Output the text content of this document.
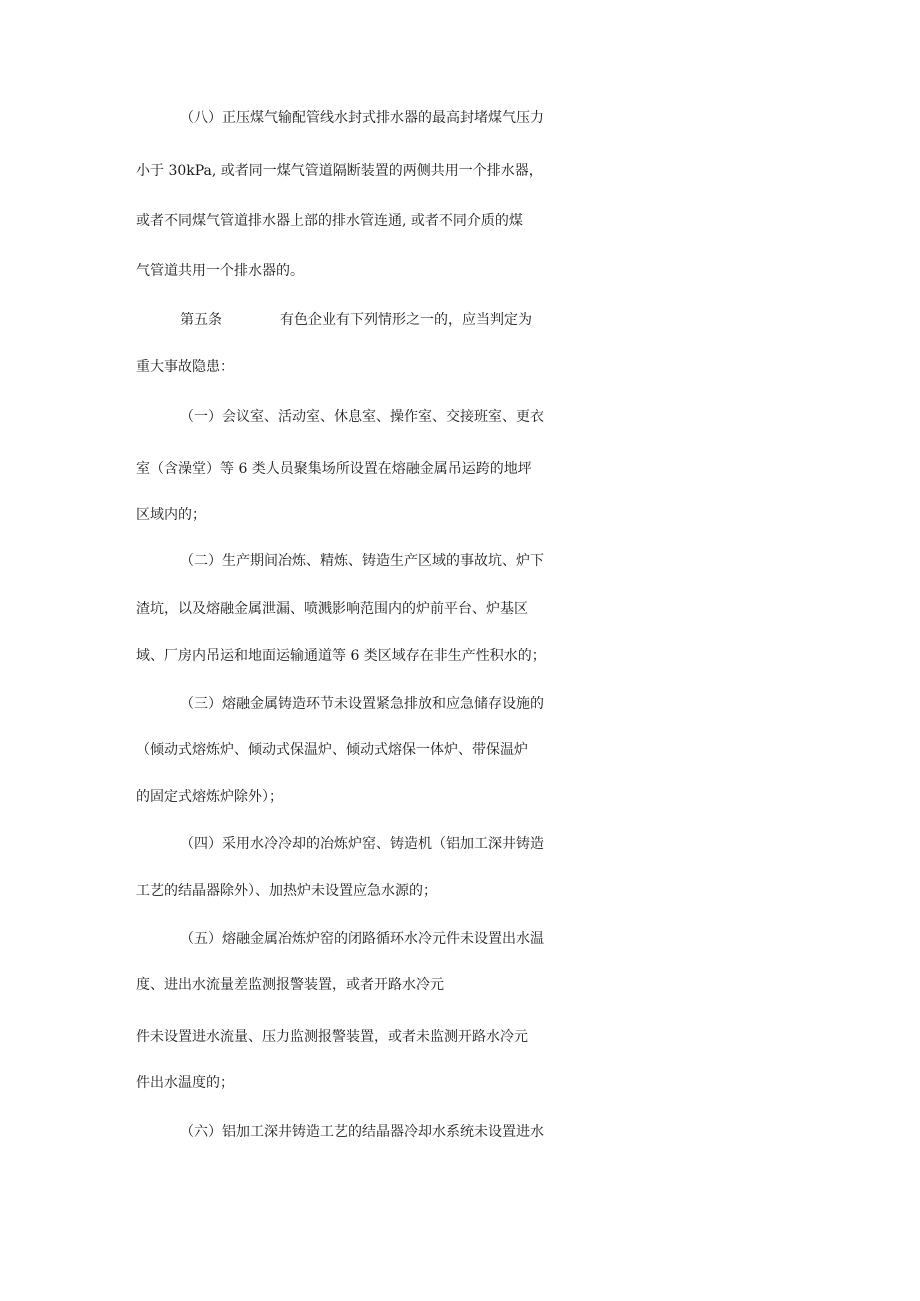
（八）正压煤气输配管线水封式排水器的最高封堵煤气压力
小于 30kPa, 或者同一煤气管道隔断装置的两侧共用一个排水器，
或者不同煤气管道排水器上部的排水管连通, 或者不同介质的煤
气管道共用一个排水器的。
第五条	有色企业有下列情形之一的，应当判定为
重大事故隐患：
（一）会议室、活动室、休息室、操作室、交接班室、更衣
室（含澡堂）等 6 类人员聚集场所设置在熔融金属吊运跨的地坪
区域内的；
（二）生产期间冶炼、精炼、铸造生产区域的事故坑、炉下
渣坑，以及熔融金属泄漏、喷溅影响范围内的炉前平台、炉基区
域、厂房内吊运和地面运输通道等 6 类区域存在非生产性积水的；
（三）熔融金属铸造环节未设置紧急排放和应急储存设施的
（倾动式熔炼炉、倾动式保温炉、倾动式熔保一体炉、带保温炉
的固定式熔炼炉除外）；
（四）采用水冷冷却的冶炼炉窑、铸造机（铝加工深井铸造
工艺的结晶器除外）、加热炉未设置应急水源的；
（五）熔融金属冶炼炉窑的闭路循环水冷元件未设置出水温
度、进出水流量差监测报警装置，或者开路水冷元
件未设置进水流量、压力监测报警装置，或者未监测开路水冷元
件出水温度的；
（六）铝加工深井铸造工艺的结晶器冷却水系统未设置进水
